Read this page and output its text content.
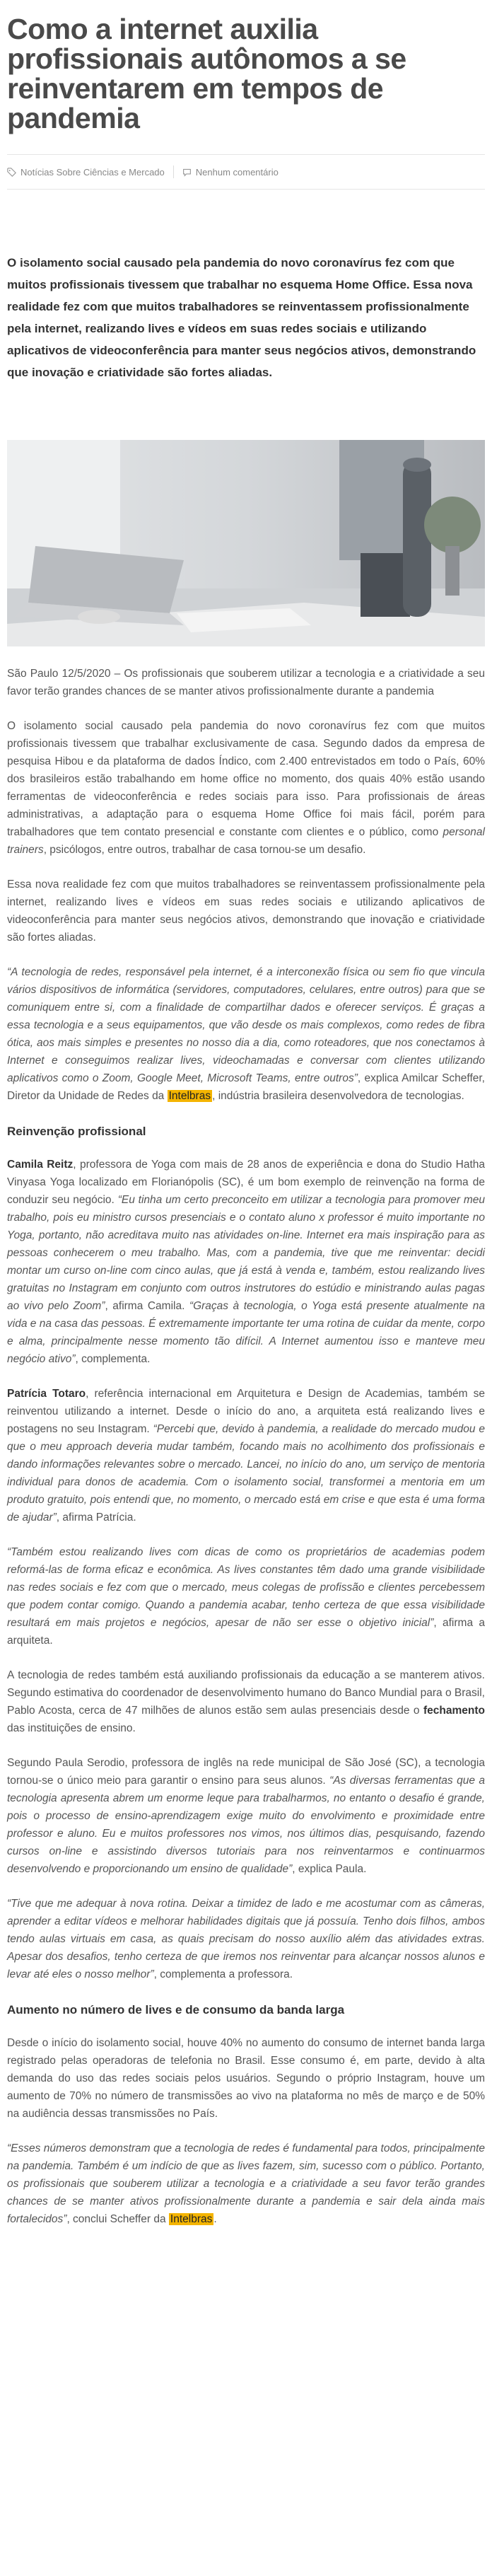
Como a internet auxilia profissionais autônomos a se reinventarem em tempos de pandemia
Notícias Sobre Ciências e Mercado	Nenhum comentário
O isolamento social causado pela pandemia do novo coronavírus fez com que muitos profissionais tivessem que trabalhar no esquema Home Office. Essa nova realidade fez com que muitos trabalhadores se reinventassem profissionalmente pela internet, realizando lives e vídeos em suas redes sociais e utilizando aplicativos de videoconferência para manter seus negócios ativos, demonstrando que inovação e criatividade são fortes aliadas.

São Paulo 12/5/2020 – Os profissionais que souberem utilizar a tecnologia e a criatividade a seu favor terão grandes chances de se manter ativos profissionalmente durante a pandemia

O isolamento social causado pela pandemia do novo coronavírus fez com que muitos profissionais tivessem que trabalhar exclusivamente de casa. Segundo dados da empresa de pesquisa Hibou e da plataforma de dados Índico, com 2.400 entrevistados em todo o País, 60% dos brasileiros estão trabalhando em home office no momento, dos quais 40% estão usando ferramentas de videoconferência e redes sociais para isso. Para profissionais de áreas administrativas, a adaptação para o esquema Home Office foi mais fácil, porém para trabalhadores que tem contato presencial e constante com clientes e o público, como personal trainers, psicólogos, entre outros, trabalhar de casa tornou-se um desafio.

Essa nova realidade fez com que muitos trabalhadores se reinventassem profissionalmente pela internet, realizando lives e vídeos em suas redes sociais e utilizando aplicativos de videoconferência para manter seus negócios ativos, demonstrando que inovação e criatividade são fortes aliadas.

“A tecnologia de redes, responsável pela internet, é a interconexão física ou sem fio que vincula vários dispositivos de informática (servidores, computadores, celulares, entre outros) para que se comuniquem entre si, com a finalidade de compartilhar dados e oferecer serviços. É graças a essa tecnologia e a seus equipamentos, que vão desde os mais complexos, como redes de fibra ótica, aos mais simples e presentes no nosso dia a dia, como roteadores, que nos conectamos à Internet e conseguimos realizar lives, videochamadas e conversar com clientes utilizando aplicativos como o Zoom, Google Meet, Microsoft Teams, entre outros”, explica Amilcar Scheffer, Diretor da Unidade de Redes da Intelbras , indústria brasileira desenvolvedora de tecnologias.

Reinvenção profissional

Camila Reitz, professora de Yoga com mais de 28 anos de experiência e dona do Studio Hatha Vinyasa Yoga localizado em Florianópolis (SC), é um bom exemplo de reinvenção na forma de conduzir seu negócio. “Eu tinha um certo preconceito em utilizar a tecnologia para promover meu trabalho, pois eu ministro cursos presenciais e o contato aluno x professor é muito importante no Yoga, portanto, não acreditava muito nas atividades on-line. Internet era mais inspiração para as pessoas conhecerem o meu trabalho. Mas, com a pandemia, tive que me reinventar: decidi montar um curso on-line com cinco aulas, que já está à venda e, também, estou realizando lives gratuitas no Instagram em conjunto com outros instrutores do estúdio e ministrando aulas pagas ao vivo pelo Zoom”, afirma Camila. “Graças à tecnologia, o Yoga está presente atualmente na vida e na casa das pessoas. É extremamente importante ter uma rotina de cuidar da mente, corpo e alma, principalmente nesse momento tão difícil. A Internet aumentou isso e manteve meu negócio ativo”, complementa.

Patrícia Totaro, referência internacional em Arquitetura e Design de Academias, também se reinventou utilizando a internet. Desde o início do ano, a arquiteta está realizando lives e postagens no seu Instagram. “Percebi que, devido à pandemia, a realidade do mercado mudou e que o meu approach deveria mudar também, focando mais no acolhimento dos profissionais e dando informações relevantes sobre o mercado. Lancei, no início do ano, um serviço de mentoria individual para donos de academia. Com o isolamento social, transformei a mentoria em um produto gratuito, pois entendi que, no momento, o mercado está em crise e que esta é uma forma de ajudar”, afirma Patrícia.

“Também estou realizando lives com dicas de como os proprietários de academias podem reformá-las de forma eficaz e econômica. As lives constantes têm dado uma grande visibilidade nas redes sociais e fez com que o mercado, meus colegas de profissão e clientes percebessem que podem contar comigo. Quando a pandemia acabar, tenho certeza de que essa visibilidade resultará em mais projetos e negócios, apesar de não ser esse o objetivo inicial”, afirma a arquiteta.

A tecnologia de redes também está auxiliando profissionais da educação a se manterem ativos. Segundo estimativa do coordenador de desenvolvimento humano do Banco Mundial para o Brasil, Pablo Acosta, cerca de 47 milhões de alunos estão sem aulas presenciais desde o fechamento das instituições de ensino.

Segundo Paula Serodio, professora de inglês na rede municipal de São José (SC), a tecnologia tornou-se o único meio para garantir o ensino para seus alunos. “As diversas ferramentas que a tecnologia apresenta abrem um enorme leque para trabalharmos, no entanto o desafio é grande, pois o processo de ensino-aprendizagem exige muito do envolvimento e proximidade entre professor e aluno. Eu e muitos professores nos vimos, nos últimos dias, pesquisando, fazendo cursos on-line e assistindo diversos tutoriais para nos reinventarmos e continuarmos desenvolvendo e proporcionando um ensino de qualidade”, explica Paula.

“Tive que me adequar à nova rotina. Deixar a timidez de lado e me acostumar com as câmeras, aprender a editar vídeos e melhorar habilidades digitais que já possuía. Tenho dois filhos, ambos tendo aulas virtuais em casa, as quais precisam do nosso auxílio além das atividades extras. Apesar dos desafios, tenho certeza de que iremos nos reinventar para alcançar nossos alunos e levar até eles o nosso melhor”, complementa a professora.

Aumento no número de lives e de consumo da banda larga

Desde o início do isolamento social, houve 40% no aumento do consumo de internet banda larga registrado pelas operadoras de telefonia no Brasil. Esse consumo é, em parte, devido à alta demanda do uso das redes sociais pelos usuários. Segundo o próprio Instagram, houve um aumento de 70% no número de transmissões ao vivo na plataforma no mês de março e de 50% na audiência dessas transmissões no País.

“Esses números demonstram que a tecnologia de redes é fundamental para todos, principalmente na pandemia. Também é um indício de que as lives fazem, sim, sucesso com o público. Portanto, os profissionais que souberem utilizar a tecnologia e a criatividade a seu favor terão grandes chances de se manter ativos profissionalmente durante a pandemia e sair dela ainda mais fortalecidos”, conclui Scheffer da Intelbras .
